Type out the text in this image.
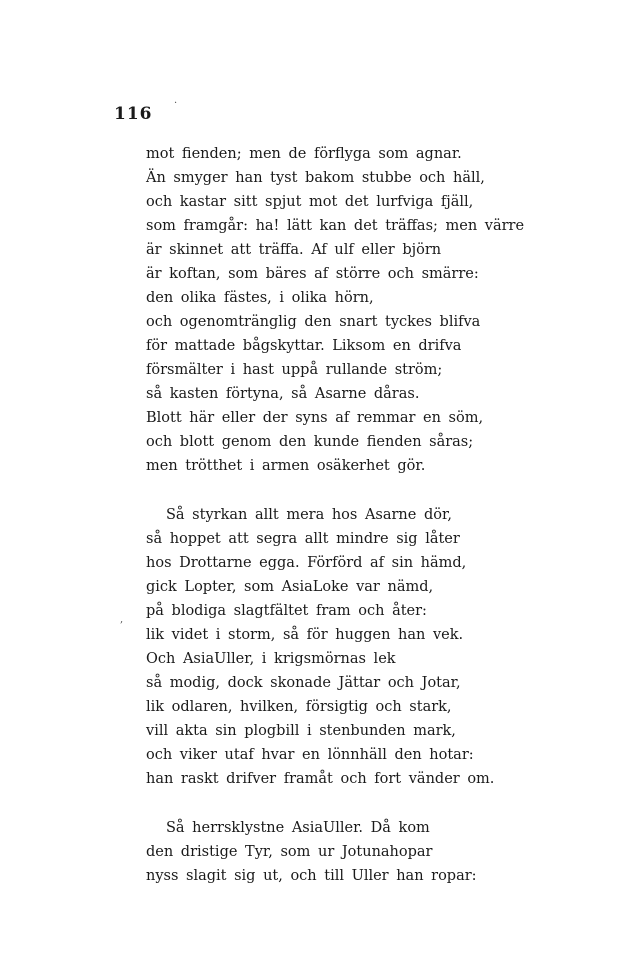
116
mot fienden; men de förflyga som agnar.
Än smyger han tyst bakom stubbe och häll,
och kastar sitt spjut mot det lurfviga fjäll,
som framgår: ha! lätt kan det träffas; men värre
är skinnet att träffa. Af ulf eller björn
är koftan, som bäres af större och smärre:
den olika fästes, i olika hörn,
och ogenomtränglig den snart tyckes blifva
för mattade bågskyttar. Liksom en drifva
försmälter i hast uppå rullande ström;
så kasten förtyna, så Asarne dåras.
Blott här eller der syns af remmar en söm,
och blott genom den kunde fienden såras;
men trötthet i armen osäkerhet gör.
Så styrkan allt mera hos Asarne dör,
så hoppet att segra allt mindre sig låter
hos Drottarne egga. Förförd af sin hämd,
gick Lopter, som AsiaLoke var nämd,
på blodiga slagtfältet fram och åter:
lik videt i storm, så för huggen han vek.
Och AsiaUller, i krigsmörnas lek
så modig, dock skonade Jättar och Jotar,
lik odlaren, hvilken, försigtig och stark,
vill akta sin plogbill i stenbunden mark,
och viker utaf hvar en lönnhäll den hotar:
han raskt drifver framåt och fort vänder om.
Så herrsklystne AsiaUller. Då kom
den dristige Tyr, som ur Jotunahopar
nyss slagit sig ut, och till Uller han ropar:
,
·
